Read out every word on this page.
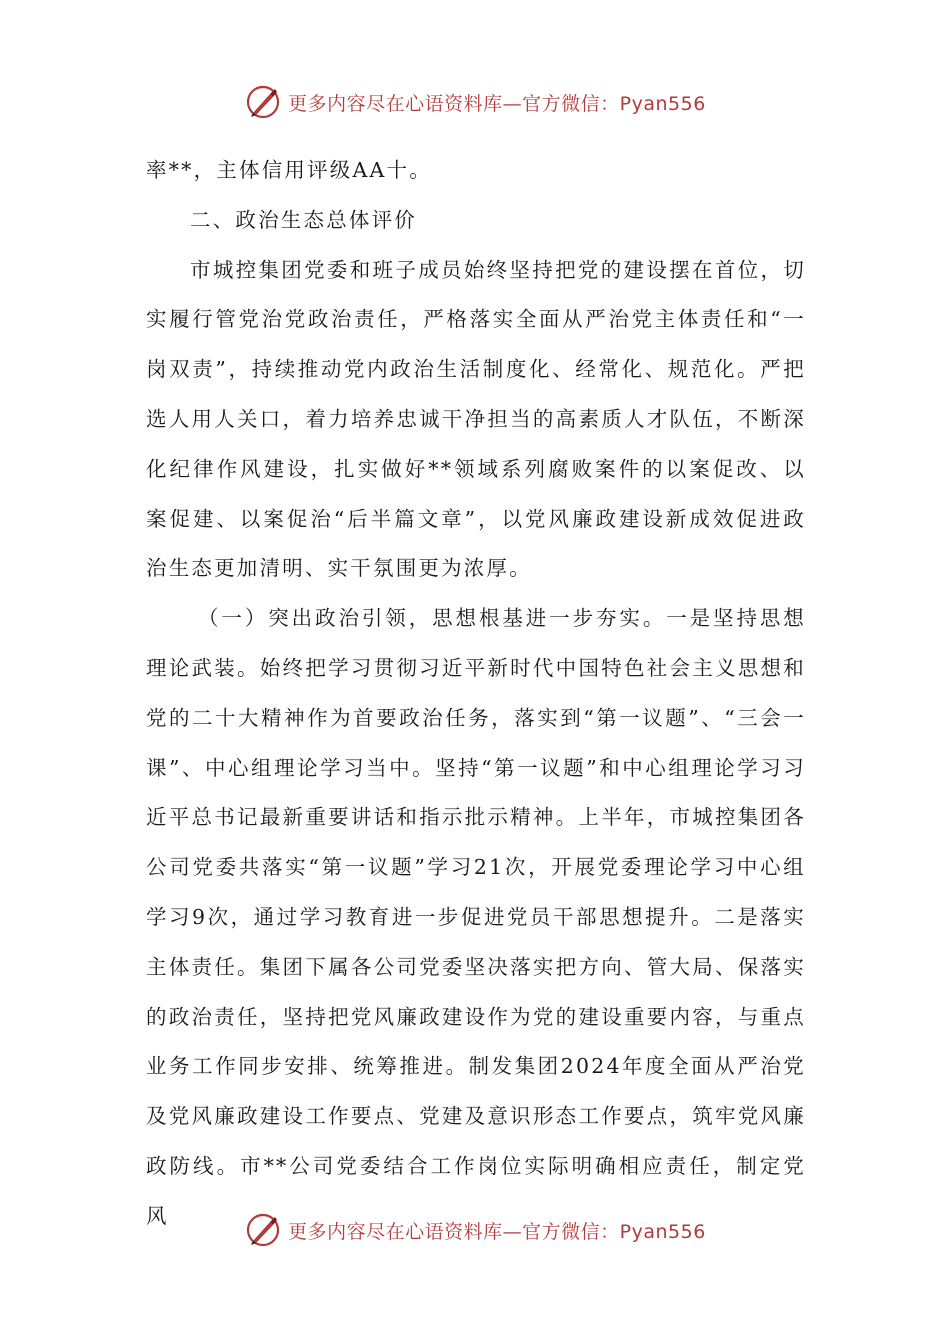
更多内容尽在心语资料库—官方微信：Pyan556

率**，主体信用评级AA十。

二、政治生态总体评价

市城控集团党委和班子成员始终坚持把党的建设摆在首位，切实履行管党治党政治责任，严格落实全面从严治党主体责任和“一岗双责”，持续推动党内政治生活制度化、经常化、规范化。严把选人用人关口，着力培养忠诚干净担当的高素质人才队伍，不断深化纪律作风建设，扎实做好**领域系列腐败案件的以案促改、以案促建、以案促治“后半篇文章”，以党风廉政建设新成效促进政治生态更加清明、实干氛围更为浓厚。

（一）突出政治引领，思想根基进一步夯实。一是坚持思想理论武装。始终把学习贯彻习近平新时代中国特色社会主义思想和党的二十大精神作为首要政治任务，落实到“第一议题”、“三会一课”、中心组理论学习当中。坚持“第一议题”和中心组理论学习习近平总书记最新重要讲话和指示批示精神。上半年，市城控集团各公司党委共落实“第一议题”学习21次，开展党委理论学习中心组学习9次，通过学习教育进一步促进党员干部思想提升。二是落实主体责任。集团下属各公司党委坚决落实把方向、管大局、保落实的政治责任，坚持把党风廉政建设作为党的建设重要内容，与重点业务工作同步安排、统筹推进。制发集团2024年度全面从严治党及党风廉政建设工作要点、党建及意识形态工作要点，筑牢党风廉政防线。市**公司党委结合工作岗位实际明确相应责任，制定党风

更多内容尽在心语资料库—官方微信：Pyan556
